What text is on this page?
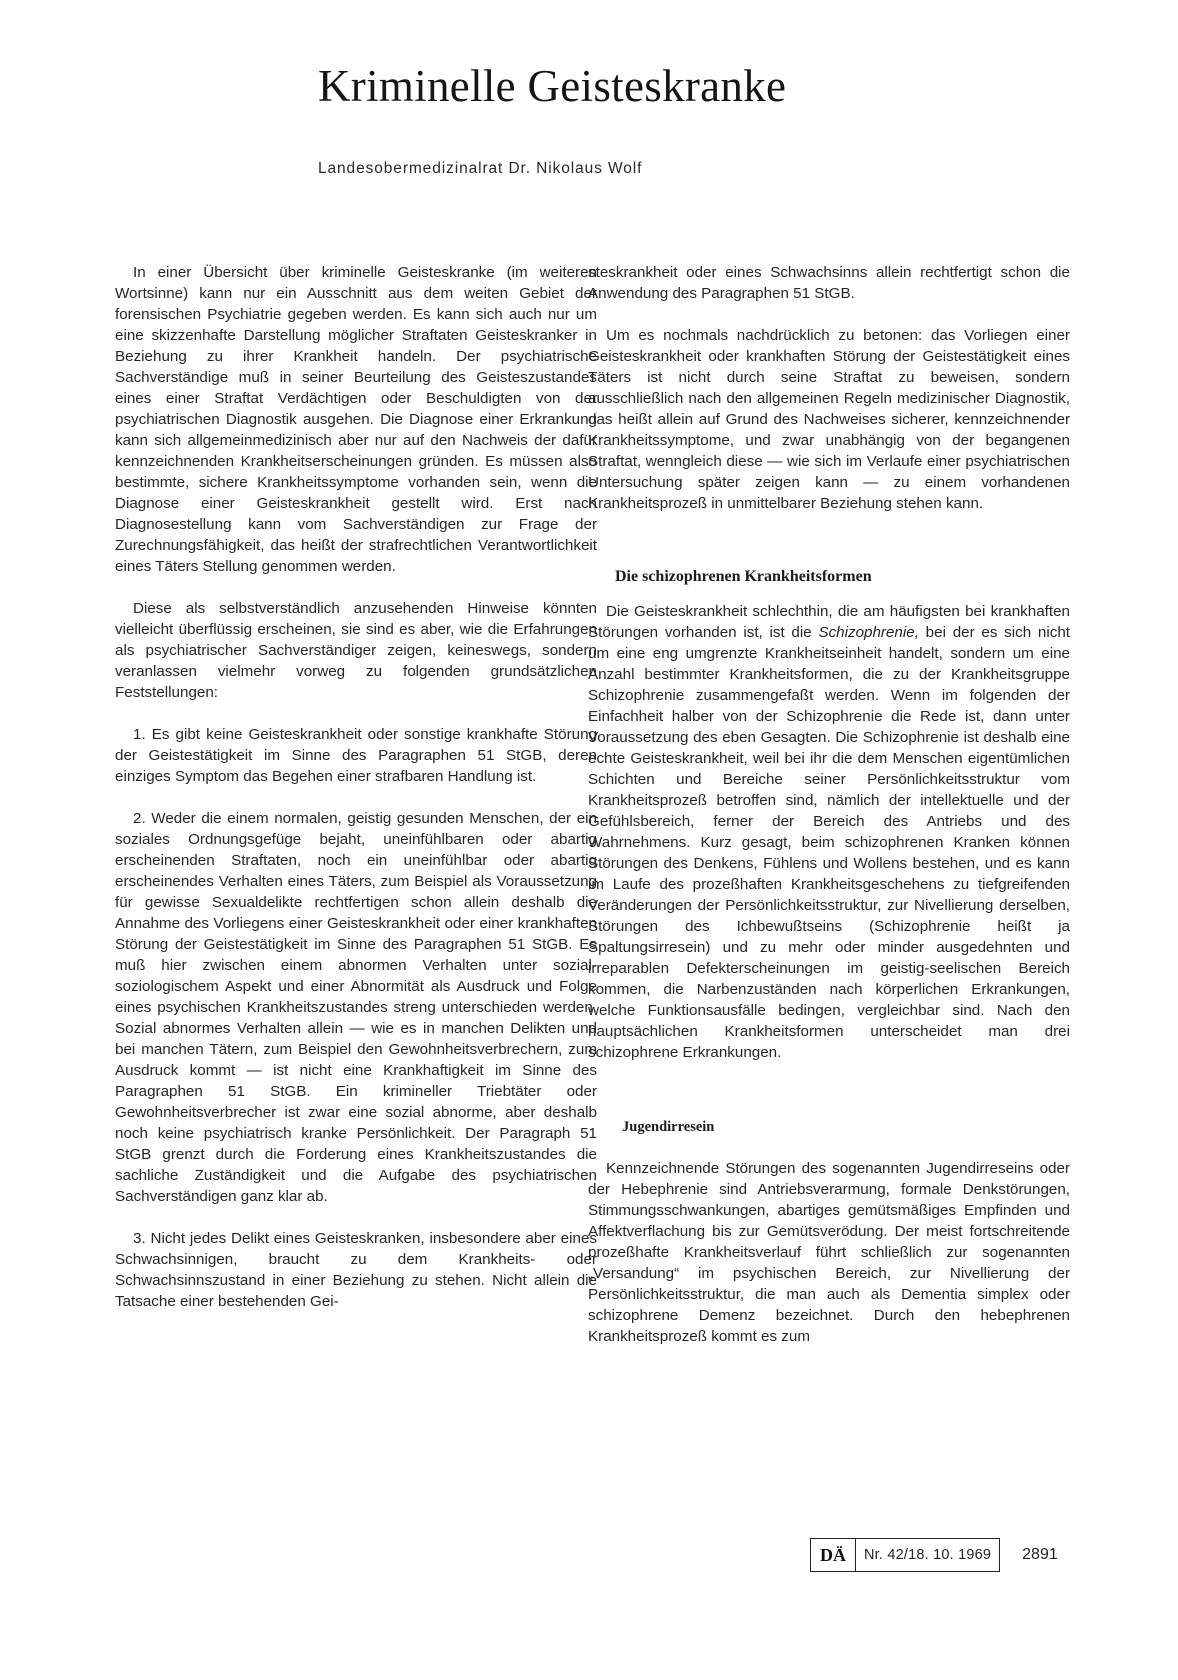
Kriminelle Geisteskranke
Landesobermedizinalrat Dr. Nikolaus Wolf

In einer Übersicht über kriminelle Geisteskranke (im weiteren Wortsinne) kann nur ein Ausschnitt aus dem weiten Gebiet der forensischen Psychiatrie gegeben werden. Es kann sich auch nur um eine skizzenhafte Darstellung möglicher Straftaten Geisteskranker in Beziehung zu ihrer Krankheit handeln. Der psychiatrische Sachverständige muß in seiner Beurteilung des Geisteszustandes eines einer Straftat Verdächtigen oder Beschuldigten von der psychiatrischen Diagnostik ausgehen. Die Diagnose einer Erkrankung kann sich allgemeinmedizinisch aber nur auf den Nachweis der dafür kennzeichnenden Krankheitserscheinungen gründen. Es müssen also bestimmte, sichere Krankheitssymptome vorhanden sein, wenn die Diagnose einer Geisteskrankheit gestellt wird. Erst nach Diagnosestellung kann vom Sachverständigen zur Frage der Zurechnungsfähigkeit, das heißt der strafrechtlichen Verantwortlichkeit eines Täters Stellung genommen werden.

Diese als selbstverständlich anzusehenden Hinweise könnten vielleicht überflüssig erscheinen, sie sind es aber, wie die Erfahrungen als psychiatrischer Sachverständiger zeigen, keineswegs, sondern veranlassen vielmehr vorweg zu folgenden grundsätzlichen Feststellungen:

1. Es gibt keine Geisteskrankheit oder sonstige krankhafte Störung der Geistestätigkeit im Sinne des Paragraphen 51 StGB, deren einziges Symptom das Begehen einer strafbaren Handlung ist.

2. Weder die einem normalen, geistig gesunden Menschen, der ein soziales Ordnungsgefüge bejaht, uneinfühlbaren oder abartig erscheinenden Straftaten, noch ein uneinfühlbar oder abartig erscheinendes Verhalten eines Täters, zum Beispiel als Voraussetzung für gewisse Sexualdelikte rechtfertigen schon allein deshalb die Annahme des Vorliegens einer Geisteskrankheit oder einer krankhaften Störung der Geistestätigkeit im Sinne des Paragraphen 51 StGB. Es muß hier zwischen einem abnormen Verhalten unter sozial-soziologischem Aspekt und einer Abnormität als Ausdruck und Folge eines psychischen Krankheitszustandes streng unterschieden werden. Sozial abnormes Verhalten allein — wie es in manchen Delikten und bei manchen Tätern, zum Beispiel den Gewohnheitsverbrechern, zum Ausdruck kommt — ist nicht eine Krankhaftigkeit im Sinne des Paragraphen 51 StGB. Ein krimineller Triebtäter oder Gewohnheitsverbrecher ist zwar eine sozial abnorme, aber deshalb noch keine psychiatrisch kranke Persönlichkeit. Der Paragraph 51 StGB grenzt durch die Forderung eines Krankheitszustandes die sachliche Zuständigkeit und die Aufgabe des psychiatrischen Sachverständigen ganz klar ab.

3. Nicht jedes Delikt eines Geisteskranken, insbesondere aber eines Schwachsinnigen, braucht zu dem Krankheits- oder Schwachsinnszustand in einer Beziehung zu stehen. Nicht allein die Tatsache einer bestehenden Gei-

steskrankheit oder eines Schwachsinns allein rechtfertigt schon die Anwendung des Paragraphen 51 StGB.

Um es nochmals nachdrücklich zu betonen: das Vorliegen einer Geisteskrankheit oder krankhaften Störung der Geistestätigkeit eines Täters ist nicht durch seine Straftat zu beweisen, sondern ausschließlich nach den allgemeinen Regeln medizinischer Diagnostik, das heißt allein auf Grund des Nachweises sicherer, kennzeichnender Krankheitssymptome, und zwar unabhängig von der begangenen Straftat, wenngleich diese — wie sich im Verlaufe einer psychiatrischen Untersuchung später zeigen kann — zu einem vorhandenen Krankheitsprozeß in unmittelbarer Beziehung stehen kann.

Die schizophrenen Krankheitsformen

Die Geisteskrankheit schlechthin, die am häufigsten bei krankhaften Störungen vorhanden ist, ist die Schizophrenie, bei der es sich nicht um eine eng umgrenzte Krankheitseinheit handelt, sondern um eine Anzahl bestimmter Krankheitsformen, die zu der Krankheitsgruppe Schizophrenie zusammengefaßt werden. Wenn im folgenden der Einfachheit halber von der Schizophrenie die Rede ist, dann unter Voraussetzung des eben Gesagten. Die Schizophrenie ist deshalb eine echte Geisteskrankheit, weil bei ihr die dem Menschen eigentümlichen Schichten und Bereiche seiner Persönlichkeitsstruktur vom Krankheitsprozeß betroffen sind, nämlich der intellektuelle und der Gefühlsbereich, ferner der Bereich des Antriebs und des Wahrnehmens. Kurz gesagt, beim schizophrenen Kranken können Störungen des Denkens, Fühlens und Wollens bestehen, und es kann im Laufe des prozeßhaften Krankheitsgeschehens zu tiefgreifenden Veränderungen der Persönlichkeitsstruktur, zur Nivellierung derselben, Störungen des Ichbewußtseins (Schizophrenie heißt ja Spaltungsirresein) und zu mehr oder minder ausgedehnten und irreparablen Defekterscheinungen im geistig-seelischen Bereich kommen, die Narbenzuständen nach körperlichen Erkrankungen, welche Funktionsausfälle bedingen, vergleichbar sind. Nach den hauptsächlichen Krankheitsformen unterscheidet man drei schizophrene Erkrankungen.

Jugendirresein

Kennzeichnende Störungen des sogenannten Jugendirreseins oder der Hebephrenie sind Antriebsverarmung, formale Denkstörungen, Stimmungsschwankungen, abartiges gemütsmäßiges Empfinden und Affektverflachung bis zur Gemütsverödung. Der meist fortschreitende prozeßhafte Krankheitsverlauf führt schließlich zur sogenannten „Versandung“ im psychischen Bereich, zur Nivellierung der Persönlichkeitsstruktur, die man auch als Dementia simplex oder schizophrene Demenz bezeichnet. Durch den hebephrenen Krankheitsprozeß kommt es zum

DÄ	Nr. 42/18. 10. 1969	2891
